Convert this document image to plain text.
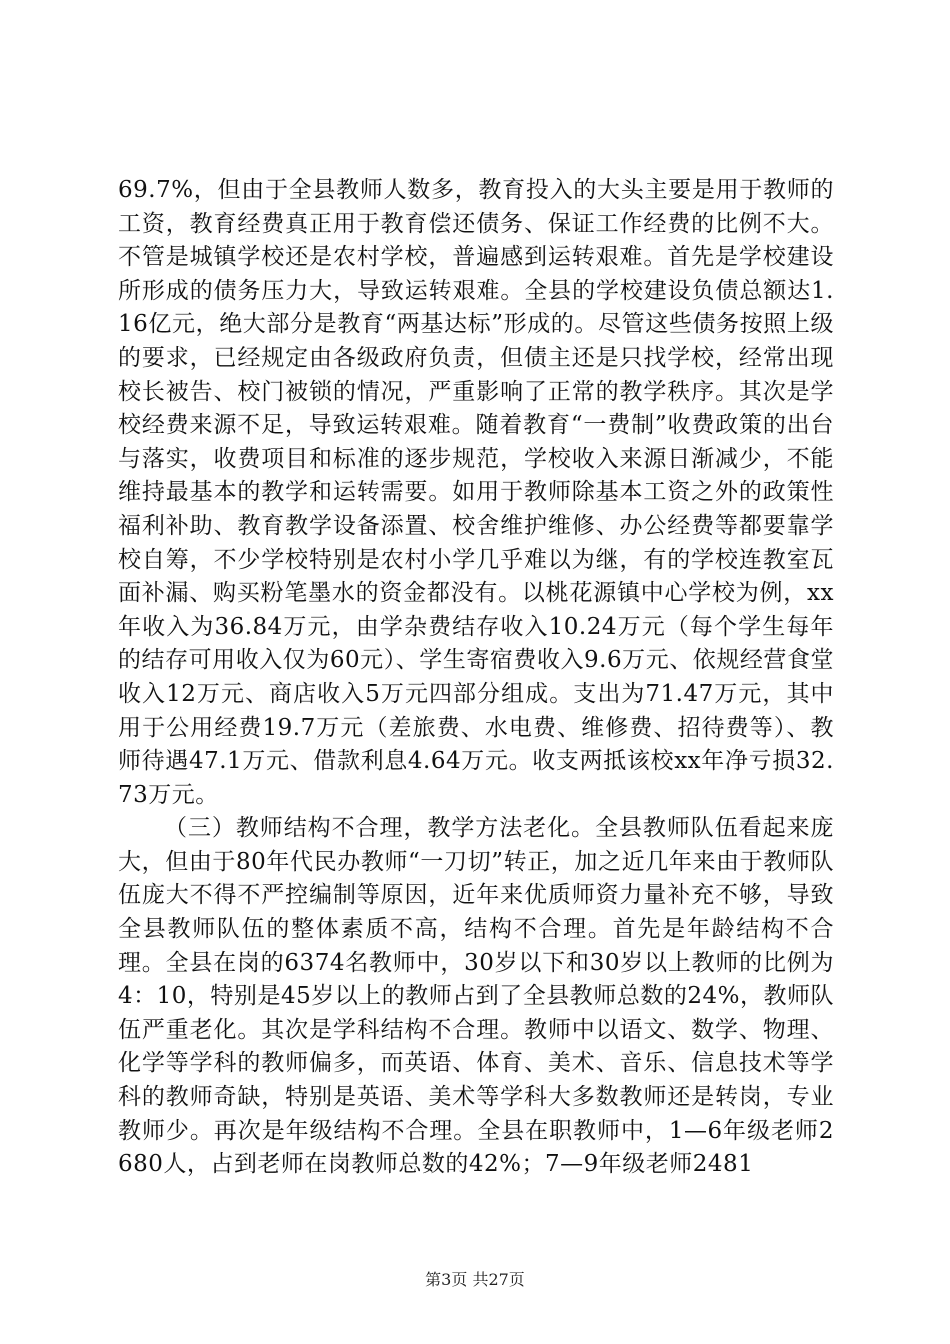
69.7%，但由于全县教师人数多，教育投入的大头主要是用于教师的工资，教育经费真正用于教育偿还债务、保证工作经费的比例不大。不管是城镇学校还是农村学校，普遍感到运转艰难。首先是学校建设所形成的债务压力大，导致运转艰难。全县的学校建设负债总额达1.16亿元，绝大部分是教育“两基达标”形成的。尽管这些债务按照上级的要求，已经规定由各级政府负责，但债主还是只找学校，经常出现校长被告、校门被锁的情况，严重影响了正常的教学秩序。其次是学校经费来源不足，导致运转艰难。随着教育“一费制”收费政策的出台与落实，收费项目和标准的逐步规范，学校收入来源日渐减少，不能维持最基本的教学和运转需要。如用于教师除基本工资之外的政策性福利补助、教育教学设备添置、校舍维护维修、办公经费等都要靠学校自筹，不少学校特别是农村小学几乎难以为继，有的学校连教室瓦面补漏、购买粉笔墨水的资金都没有。以桃花源镇中心学校为例，xx年收入为36.84万元，由学杂费结存收入10.24万元（每个学生每年的结存可用收入仅为60元）、学生寄宿费收入9.6万元、依规经营食堂收入12万元、商店收入5万元四部分组成。支出为71.47万元，其中用于公用经费19.7万元（差旅费、水电费、维修费、招待费等）、教师待遇47.1万元、借款利息4.64万元。收支两抵该校xx年净亏损32.73万元。

（三）教师结构不合理，教学方法老化。全县教师队伍看起来庞大，但由于80年代民办教师“一刀切”转正，加之近几年来由于教师队伍庞大不得不严控编制等原因，近年来优质师资力量补充不够，导致全县教师队伍的整体素质不高，结构不合理。首先是年龄结构不合理。全县在岗的6374名教师中，30岁以下和30岁以上教师的比例为4：10，特别是45岁以上的教师占到了全县教师总数的24%，教师队伍严重老化。其次是学科结构不合理。教师中以语文、数学、物理、化学等学科的教师偏多，而英语、体育、美术、音乐、信息技术等学科的教师奇缺，特别是英语、美术等学科大多数教师还是转岗，专业教师少。再次是年级结构不合理。全县在职教师中，1—6年级老师2680人，占到老师在岗教师总数的42%；7—9年级老师2481

第3页 共27页
